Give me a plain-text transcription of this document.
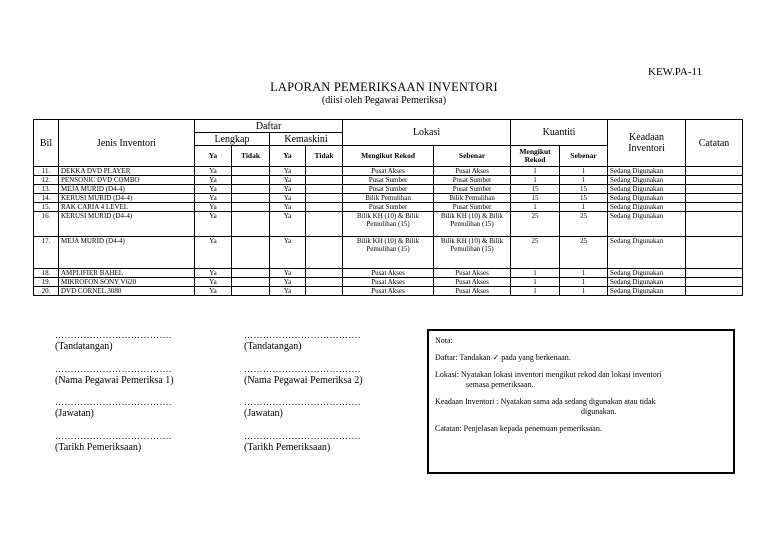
KEW.PA-11
LAPORAN PEMERIKSAAN INVENTORI
(diisi oleh Pegawai Pemeriksa)
Bil	Jenis Inventori	Daftar				Lokasi		Kuantiti		Keadaan Inventori	Catatan
		Lengkap		Kemaskini							
		Ya	Tidak	Ya	Tidak	Mengikut Rekod	Sebenar	Mengikut Rekod	Sebenar		
11.	DEKKA DVD PLAYER	Ya		Ya		Pusat Akses	Pusat Akses	1	1	Sedang Digunakan	
12.	PENSONIC DVD COMBO	Ya		Ya		Pusat Sumber	Pusat Sumber	1	1	Sedang Digunakan	
13.	MEJA MURID (D4-4)	Ya		Ya		Pusat Sumber	Pusat Sumber	15	15	Sedang Digunakan	
14.	KERUSI MURID (D4-4)	Ya		Ya		Bilik Pemulihan	Bilik Pemulihan	15	15	Sedang Digunakan	
15.	RAK CARIA 4 LEVEL	Ya		Ya		Pusat Sumber	Pusat Sumber	1	1	Sedang Digunakan	
16.	KERUSI MURID (D4-4)	Ya		Ya		Bilik KH (10) & Bilik Pemulihan (15)	Bilik KH (10) & Bilik Pemulihan (15)	25	25	Sedang Digunakan	
17.	MEJA MURID (D4-4)	Ya		Ya		Bilik KH (10) & Bilik Pemulihan (15)	Bilik KH (10) & Bilik Pemulihan (15)	25	25	Sedang Digunakan	
18.	AMPLIFIER BAHEL	Ya		Ya		Pusat Akses	Pusat Akses	1	1	Sedang Digunakan	
19.	MIKROFON SONY V620	Ya		Ya		Pusat Akses	Pusat Akses	1	1	Sedang Digunakan	
20.	DVD CORNEL 3080	Ya		Ya		Pusat Akses	Pusat Akses	1	1	Sedang Digunakan	
……………………………….
(Tandatangan)
……………………………….
(Nama Pegawai Pemeriksa 1)
……………………………….
(Jawatan)
……………………………….
(Tarikh Pemeriksaan)
……………………………….
(Tandatangan)
……………………………….
(Nama Pegawai Pemeriksa 2)
……………………………….
(Jawatan)
……………………………….
(Tarikh Pemeriksaan)

Nota:

Daftar: Tandakan ✓ pada yang berkenaan.

Lokasi: Nyatakan lokasi inventori mengikut rekod dan lokasi inventori
semasa pemeriksaan.

Keadaan Inventori : Nyatakan sama ada sedang digunakan atau tidak
digunakan.

Catatan: Penjelasan kepada penemuan pemeriksaan.
